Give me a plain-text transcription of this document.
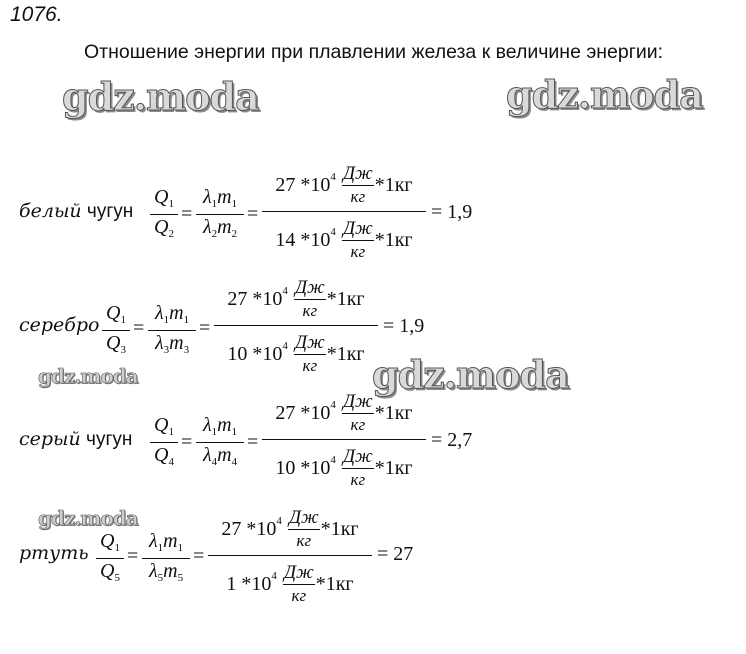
1076.
Отношение энергии при плавлении железа к величине энергии:
gdz.moda	gdz.moda
gdz.moda
gdz.moda
gdz.moda
белый чугун
$Q_1$
$Q_2$
=
$\lambda_1m_1$
$\lambda_2m_2$
=
27
* $10^4$
Дж
кг
* 1кг
14
* $10^4$
Дж
кг
* 1кг
= 1,9
серебро
$Q_1$
$Q_3$
=
$\lambda_1m_1$
$\lambda_3m_3$
=
27
* $10^4$
Дж
кг
* 1кг
10
* $10^4$
Дж
кг
* 1кг
= 1,9
серый чугун
$Q_1$
$Q_4$
=
$\lambda_1m_1$
$\lambda_4m_4$
=
27
* $10^4$
Дж
кг
* 1кг
10
* $10^4$
Дж
кг
* 1кг
= 2,7
ртуть
$Q_1$
$Q_5$
=
$\lambda_1m_1$
$\lambda_5m_5$
=
27
* $10^4$
Дж
кг
* 1кг
1
* $10^4$
Дж
кг
* 1кг
= 27
